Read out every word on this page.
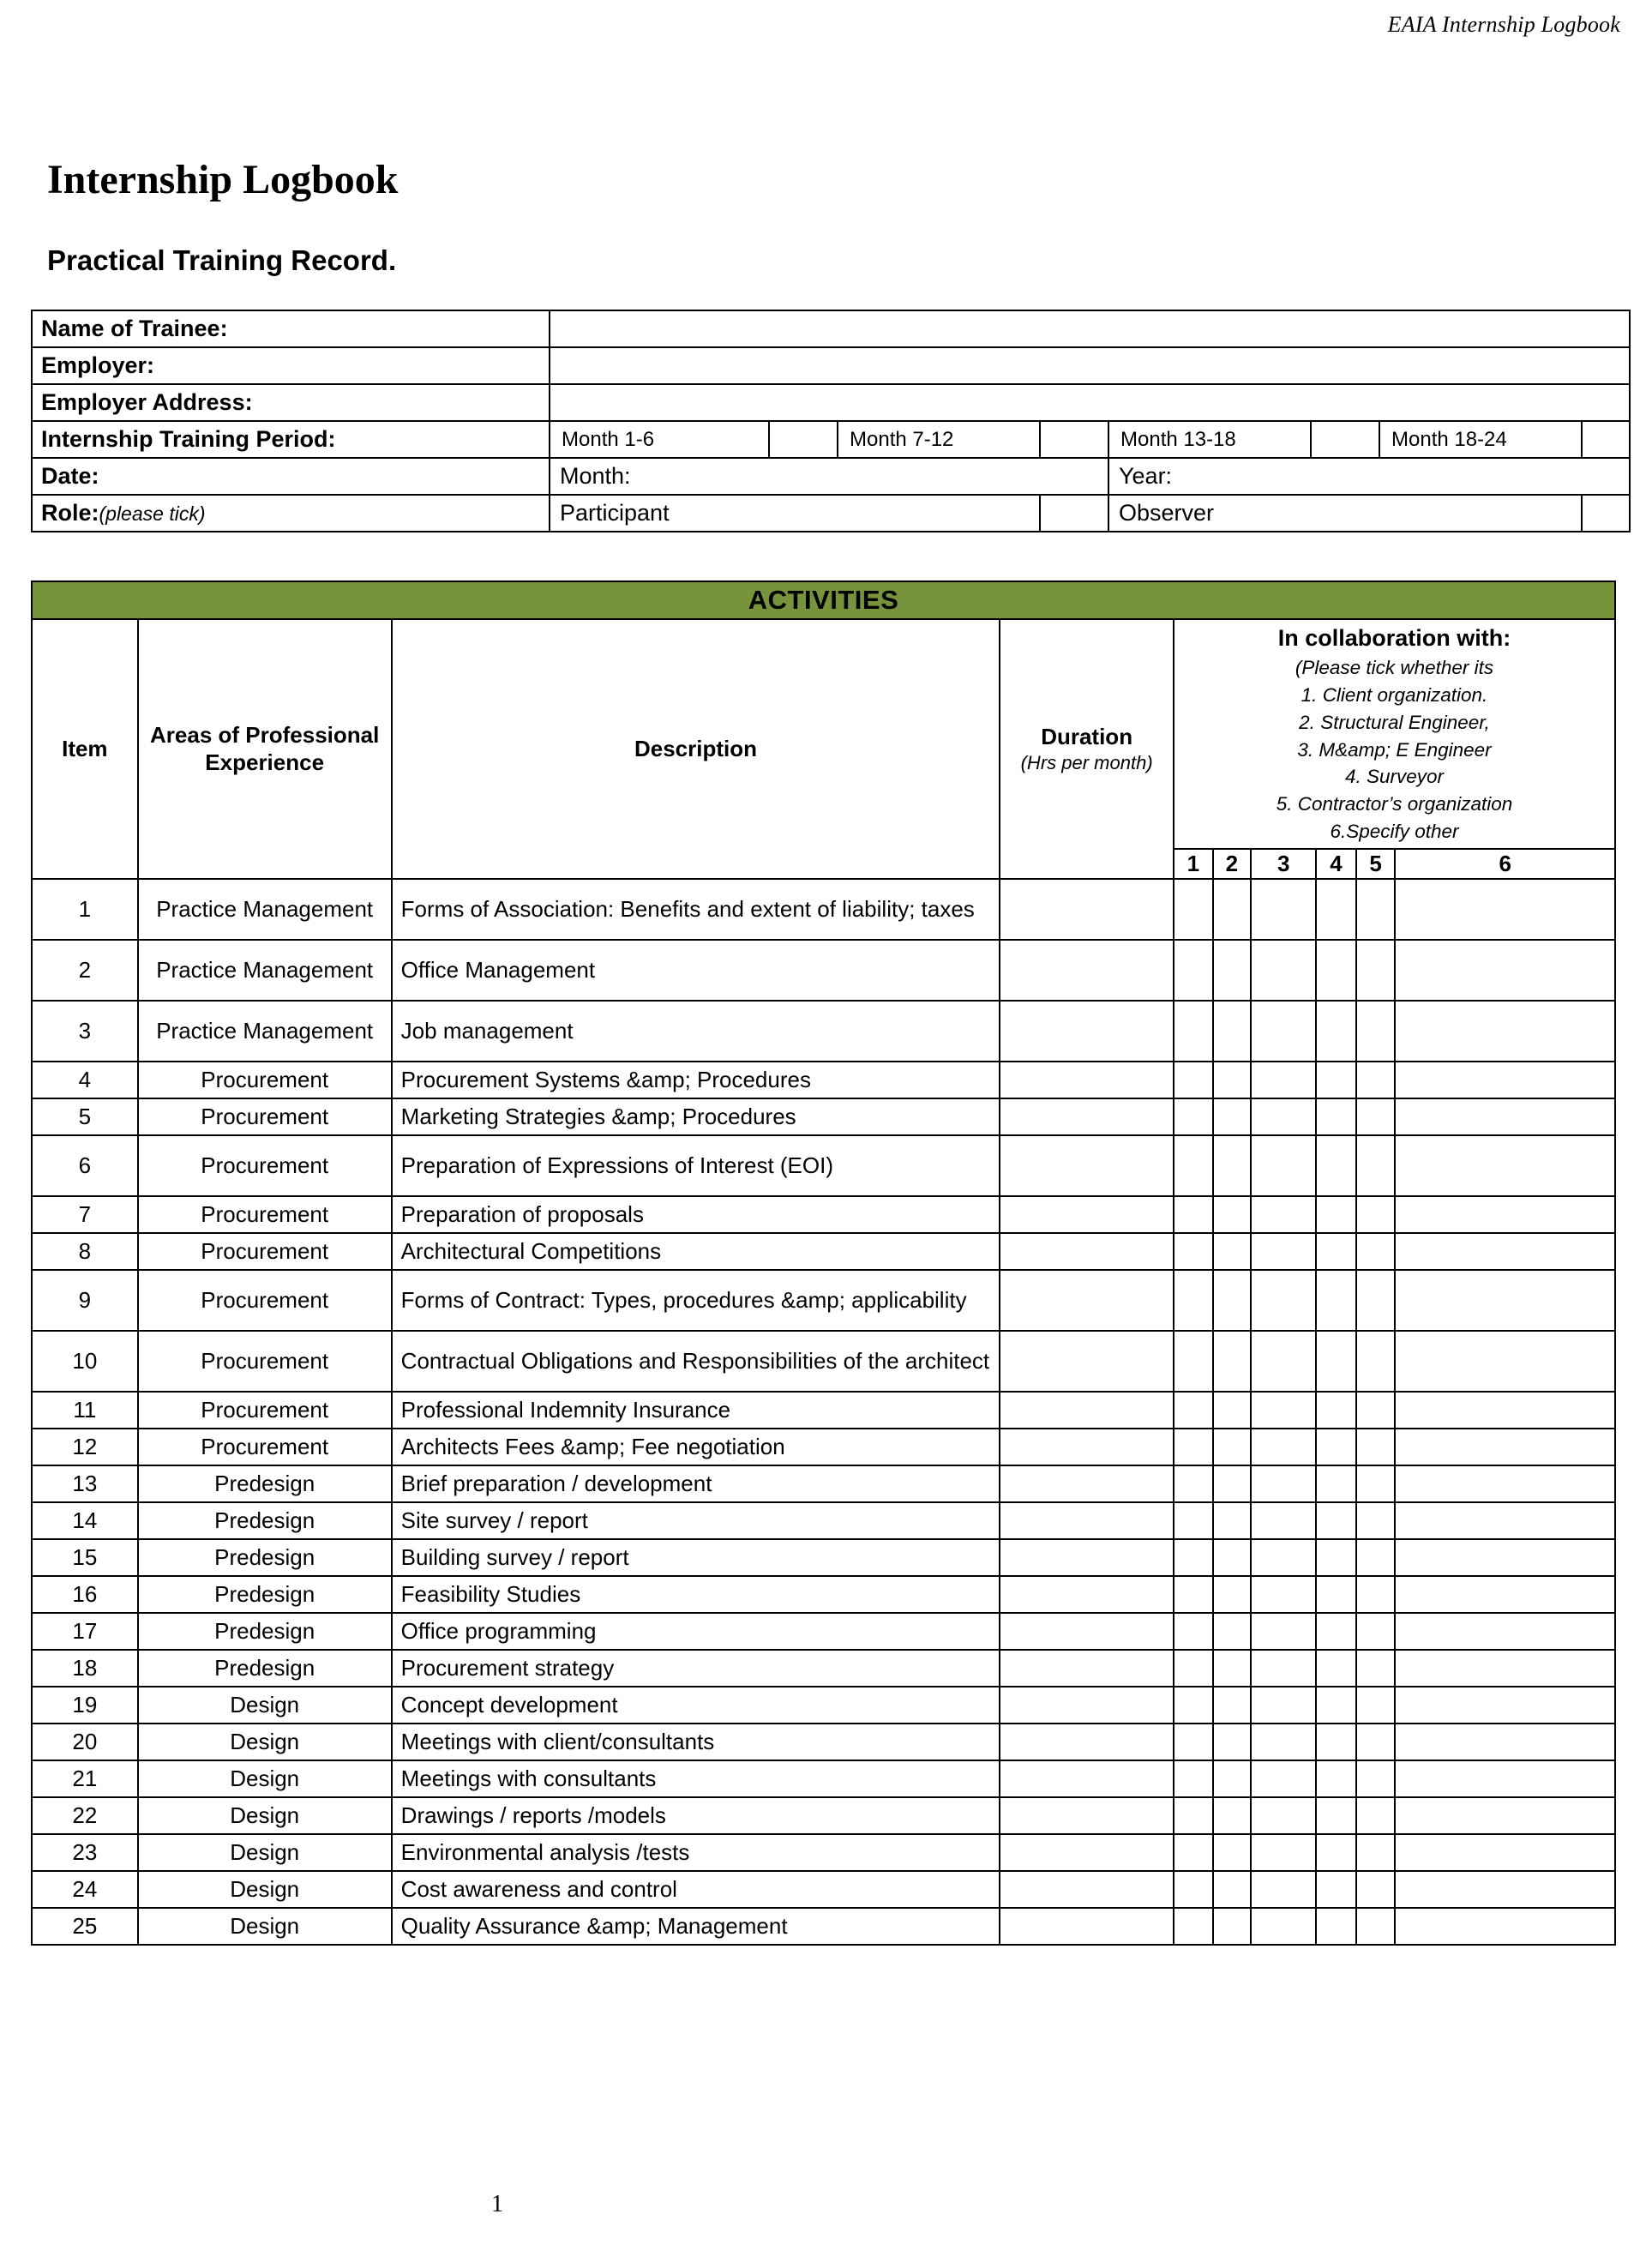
EAIA Internship Logbook
Internship Logbook
Practical Training Record.
Name of Trainee:								
Employer:								
Employer Address:								
Internship Training Period:	Month 1-6		Month 7-12		Month 13-18		Month 18-24	
Date:	Month:				Year:			
Role:(please tick)	Participant				Observer			
ACTIVITIES									
Item	Areas of Professional Experience	Description	Duration
(Hrs per month)

In collaboration with:
(Please tick whether its
1. Client organization.
2. Structural Engineer,
3. M&amp; E Engineer
4. Surveyor
5. Contractor’s organization
6.Specify other

				1	2	3	4	5	6
1	Practice Management	Forms of Association: Benefits and extent of liability; taxes							
2	Practice Management	Office Management							
3	Practice Management	Job management							
4	Procurement	Procurement Systems &amp; Procedures							
5	Procurement	Marketing Strategies &amp; Procedures							
6	Procurement	Preparation of Expressions of Interest (EOI)							
7	Procurement	Preparation of proposals							
8	Procurement	Architectural Competitions							
9	Procurement	Forms of Contract: Types, procedures &amp; applicability							
10	Procurement	Contractual Obligations and Responsibilities of the architect							
11	Procurement	Professional Indemnity Insurance							
12	Procurement	Architects Fees &amp; Fee negotiation							
13	Predesign	Brief preparation / development							
14	Predesign	Site survey / report							
15	Predesign	Building survey / report							
16	Predesign	Feasibility Studies							
17	Predesign	Office programming							
18	Predesign	Procurement strategy							
19	Design	Concept development							
20	Design	Meetings with client/consultants							
21	Design	Meetings with consultants							
22	Design	Drawings / reports /models							
23	Design	Environmental analysis /tests							
24	Design	Cost awareness and control							
25	Design	Quality Assurance &amp; Management							
1
